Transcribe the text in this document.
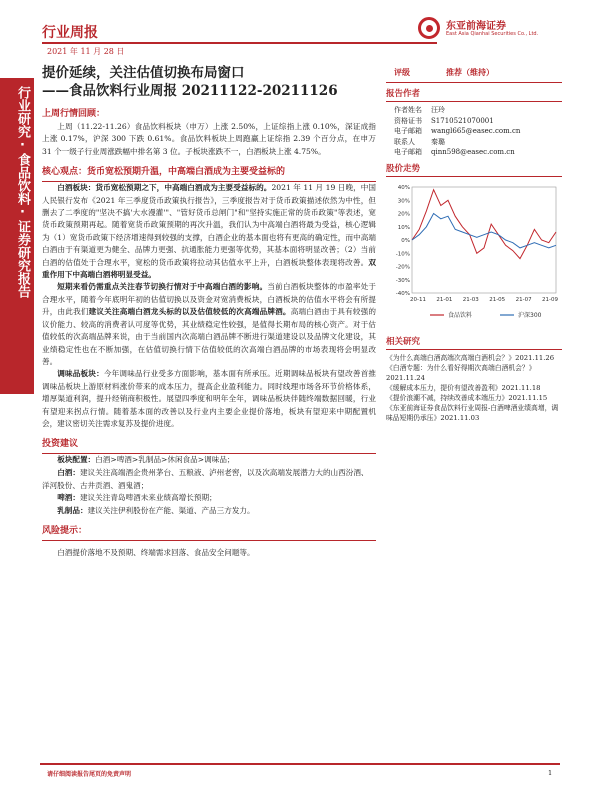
行业周报
2021 年 11 月 28 日
东亚前海证券
East Asia Qianhai Securities Co., Ltd.
行业研究·食品饮料·证券研究报告
提价延续，关注估值切换布局窗口
——食品饮料行业周报 20211122-20211126
上周行情回顾：
上周（11.22-11.26）食品饮料板块（申万）上涨 2.50%，上证综指上涨 0.10%，深证成指上涨 0.17%，沪深 300 下跌 0.61%。食品饮料板块上周跑赢上证综指 2.39 个百分点，在申万 31 个一级子行业周涨跌幅中排名第 3 位。子板块涨跌不一，白酒板块上涨 4.75%。
核心观点：货币宽松预期升温，中高端白酒成为主要受益标的
白酒板块：货币宽松预期之下，中高端白酒成为主要受益标的。2021 年 11 月 19 日晚，中国人民银行发布《2021 年三季度货币政策执行报告》，三季度报告对于货币政策描述依然为中性，但删去了二季度的"坚决不搞'大水漫灌'"、"管好货币总闸门"和"坚持实施正常的货币政策"等表述，宽货币政策预期再起。随着宽货币政策预期的再次升温，我们认为中高端白酒将最为受益，核心逻辑为（1）宽货币政策下经济增速得到较强的支撑，白酒企业的基本面也将有更高的确定性，而中高端白酒由于有渠道更为健全、品牌力更强、抗通胀能力更强等优势，其基本面将明显改善；（2）当前白酒的估值处于合理水平，宽松的货币政策将拉动其估值水平上升，白酒板块整体表现将改善。双重作用下中高端白酒将明显受益。
短期来看仍需重点关注春节切换行情对于中高端白酒的影响。当前白酒板块整体的市盈率处于合理水平，随着今年底明年初的估值切换以及资金对宽消费板块，白酒板块的估值水平将会有所提升，由此我们建议关注高端白酒龙头标的以及估值较低的次高端品牌酒。高端白酒由于具有较强的议价能力、较高的消费者认可度等优势，其业绩稳定性较强，是值得长期布局的核心资产。对于估值较低的次高端品牌来说，由于当前国内次高端白酒品牌不断进行渠道建设以及品牌文化建设，其业绩稳定性也在不断加强，在估值切换行情下估值较低的次高端白酒品牌的市场表现将会明显改善。
调味品板块：今年调味品行业受多方面影响，基本面有所承压。近期调味品板块有望改善首推调味品板块上游原材料涨价带来的成本压力，提高企业盈利能力。同时线理市场各环节价格体系，增厚渠道利润，提升经销商积极性。展望四季度和明年全年，调味品板块伴随终端数据回暖，行业有望迎来拐点行情。随着基本面的改善以及行业内主要企业提价落地，板块有望迎来中期配置机会，建议密切关注需求复苏及提价进度。
投资建议
板块配置：白酒>啤酒>乳制品>休闲食品>调味品；
白酒：建议关注高端酒企贵州茅台、五粮液、泸州老窖，以及次高端发展潜力大的山西汾酒、洋河股份、古井贡酒、酒鬼酒；
啤酒：建议关注青岛啤酒未来业绩高增长预期；
乳制品：建议关注伊利股份在产能、渠道、产品三方发力。
风险提示：
白酒提价落地不及预期、终端需求回落、食品安全问题等。
评级	推荐（维持）
报告作者
作者姓名	汪玲
资格证书	S1710521070001
电子邮箱	wangl665@easec.com.cn
联系人	秦璐
电子邮箱	qinn598@easec.com.cn
股价走势
40%
30%
20%
10%
0%
-10%
-20%
-30%
-40%
20-11 21-01 21-03 21-05 21-07 21-09
食品饮料	沪深300
相关研究
《为什么高端白酒高端次高端白酒机会？》2021.11.26
《白酒专题：为什么看好得期次高端白酒机会？》2021.11.24
《缓解成本压力，提价有望改善盈利》2021.11.18
《提价浪潮不减，持续改善成本端压力》2021.11.15
《东亚前海证券食品饮料行业周报-白酒啤酒业绩高增，调味品短期仍承压》2021.11.03
请仔细阅读报告尾页的免责声明	1
